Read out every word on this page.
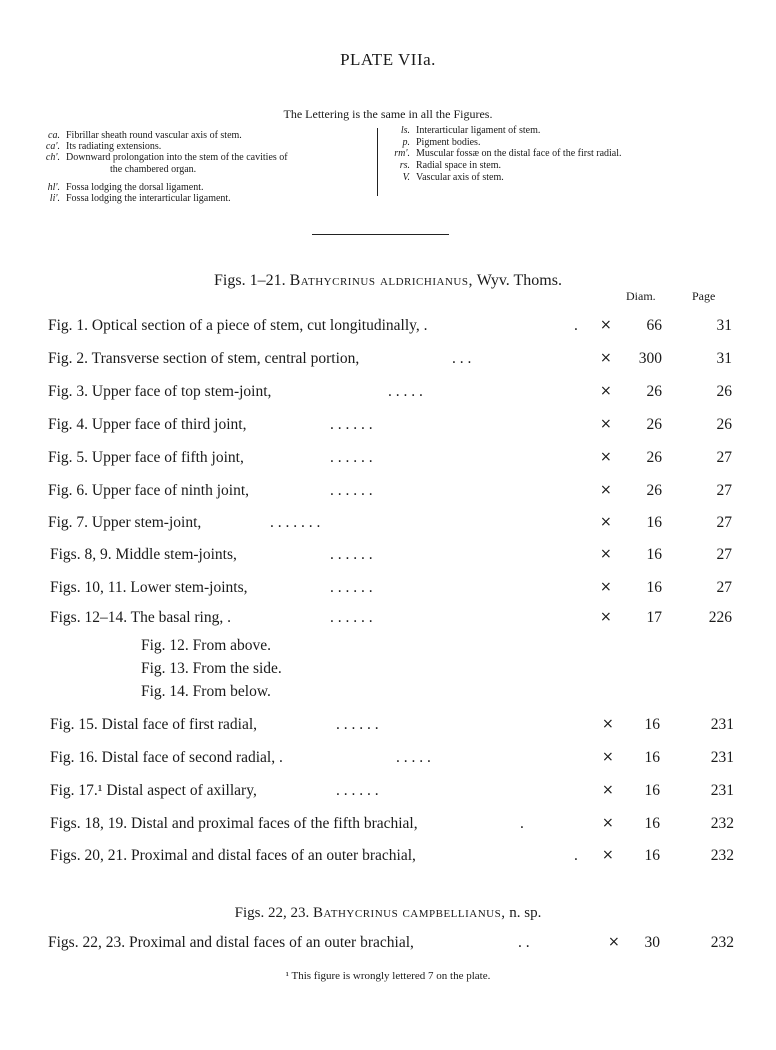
PLATE VIIa.
The Lettering is the same in all the Figures.
ca. Fibrillar sheath round vascular axis of stem.
ca'. Its radiating extensions.
ch'. Downward prolongation into the stem of the cavities of
the chambered organ.
hl'. Fossa lodging the dorsal ligament.
li'. Fossa lodging the interarticular ligament.
ls. Interarticular ligament of stem.
p. Pigment bodies.
rm'. Muscular fossæ on the distal face of the first radial.
rs. Radial space in stem.
V. Vascular axis of stem.
Figs. 1–21. Bathycrinus aldrichianus, Wyv. Thoms.
Diam.	Page
Fig. 1. Optical section of a piece of stem, cut longitudinally, .	. ×	66	31
Fig. 2. Transverse section of stem, central portion,	. . .	×	300	31
Fig. 3. Upper face of top stem-joint,	. . . . .	×	26	26
Fig. 4. Upper face of third joint,	. . . . . .	×	26	26
Fig. 5. Upper face of fifth joint,	. . . . . .	×	26	27
Fig. 6. Upper face of ninth joint,	. . . . . .	×	26	27
Fig. 7. Upper stem-joint,	. . . . . . .	×	16	27
Figs. 8, 9. Middle stem-joints,	. . . . . .	×	16	27
Figs. 10, 11. Lower stem-joints,	. . . . . .	×	16	27
Figs. 12–14. The basal ring, .	. . . . . .	×	17	226
Fig. 12. From above.
Fig. 13. From the side.
Fig. 14. From below.
Fig. 15. Distal face of first radial,	. . . . . .	×	16	231
Fig. 16. Distal face of second radial, .	. . . . .	×	16	231
Fig. 17.¹ Distal aspect of axillary,	. . . . . .	×	16	231
Figs. 18, 19. Distal and proximal faces of the fifth brachial,	.	×	16	232
Figs. 20, 21. Proximal and distal faces of an outer brachial,	. ×	16	232
Figs. 22, 23. Bathycrinus campbellianus, n. sp.
Figs. 22, 23. Proximal and distal faces of an outer brachial,	. .	×	30	232
¹ This figure is wrongly lettered 7 on the plate.
